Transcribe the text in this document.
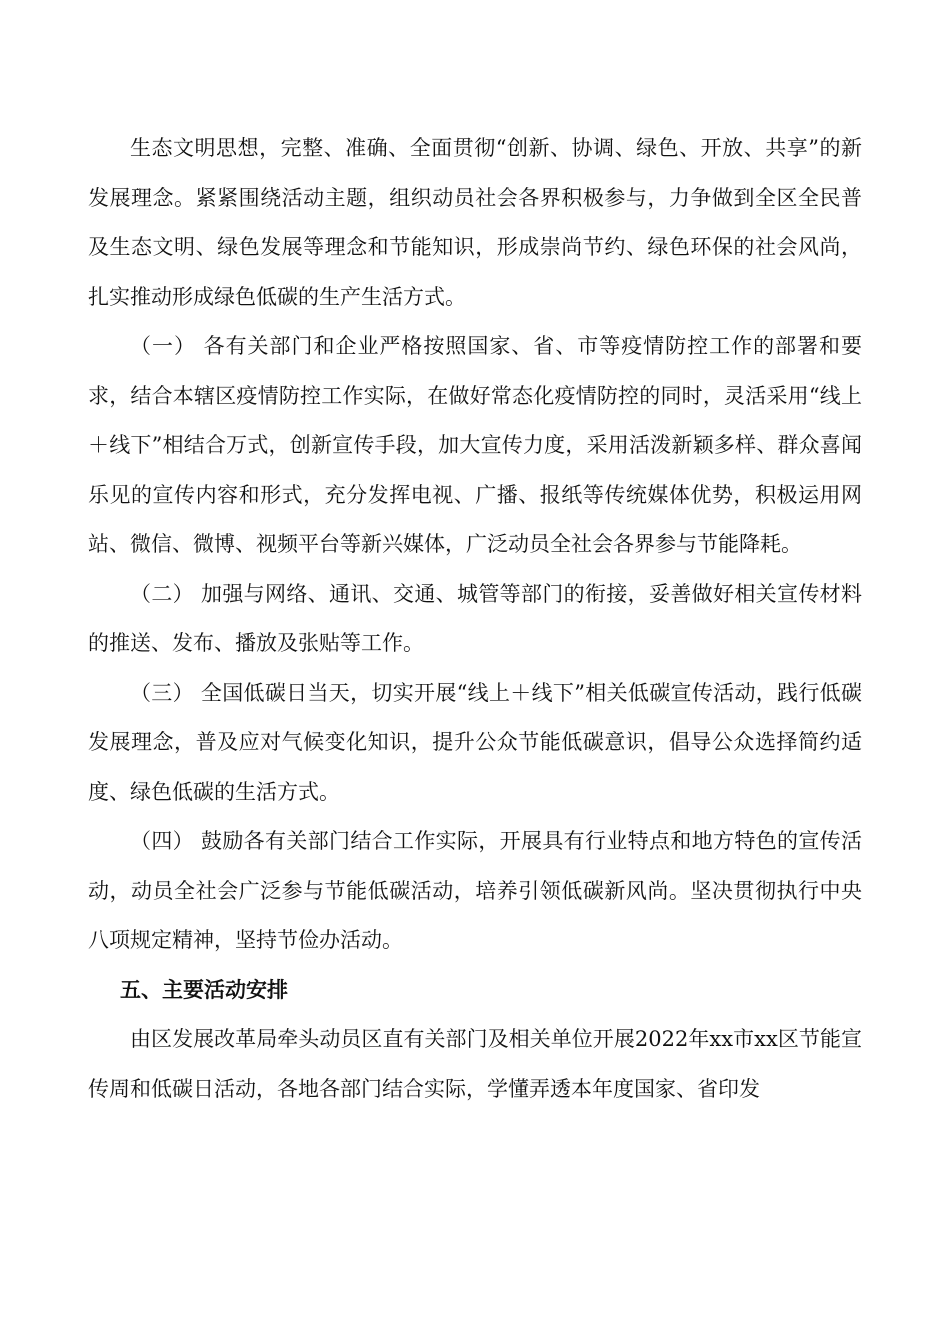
生态文明思想，完整、准确、全面贯彻“创新、协调、绿色、开放、共享”的新发展理念。紧紧围绕活动主题，组织动员社会各界积极参与，力争做到全区全民普及生态文明、绿色发展等理念和节能知识，形成崇尚节约、绿色环保的社会风尚，扎实推动形成绿色低碳的生产生活方式。

（一） 各有关部门和企业严格按照国家、省、市等疫情防控工作的部署和要求，结合本辖区疫情防控工作实际，在做好常态化疫情防控的同时，灵活采用“线上＋线下”相结合万式，创新宣传手段，加大宣传力度，采用活泼新颖多样、群众喜闻乐见的宣传内容和形式，充分发挥电视、广播、报纸等传统媒体优势，积极运用网站、微信、微博、视频平台等新兴媒体，广泛动员全社会各界参与节能降耗。

（二） 加强与网络、通讯、交通、城管等部门的衔接，妥善做好相关宣传材料的推送、发布、播放及张贴等工作。

（三） 全国低碳日当天，切实开展“线上＋线下”相关低碳宣传活动，践行低碳发展理念，普及应对气候变化知识，提升公众节能低碳意识，倡导公众选择简约适度、绿色低碳的生活方式。

（四） 鼓励各有关部门结合工作实际，开展具有行业特点和地方特色的宣传活动，动员全社会广泛参与节能低碳活动，培养引领低碳新风尚。坚决贯彻执行中央八项规定精神，坚持节俭办活动。

五、主要活动安排

由区发展改革局牵头动员区直有关部门及相关单位开展2022年xx市xx区节能宣传周和低碳日活动，各地各部门结合实际，学懂弄透本年度国家、省印发
